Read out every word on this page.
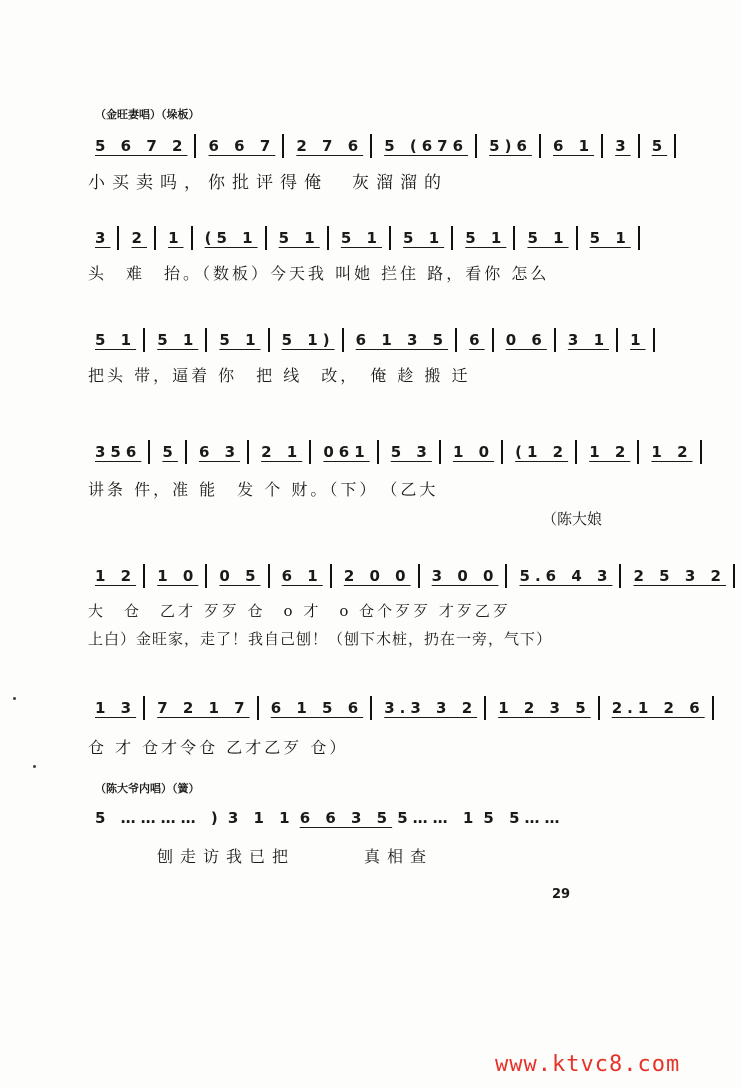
（金旺妻唱）（垛板）
5 6 7 2 6 6 7 2 7 6 5 (676 5)6 6 1 3 5
小买卖吗，你批评得俺　灰溜溜的
3 2 1 (5 1 5 1 5 1 5 1 5 1 5 1 5 1
头　难　抬。（数板）今天我 叫她 拦住 路，看你 怎么
5 1 5 1 5 1 5 1) 6 1 3 5 6 0 6 3 1 1
把头 带，逼着 你　把 线　改，　俺 趁 搬 迁
356 5 6 3 2 1 061 5 3 1 0 (1 2 1 2 1 2
讲条 件，准 能　发 个 财。（下）　（乙大
（陈大娘
1 2 1 0 0 5 6 1 2 0 0 3 0 0 5.6 4 3 2 5 3 2
大　仓　乙才 歹歹 仓　o 才　o 仓个歹歹 才歹乙歹
上白）金旺家，走了！我自己刨！（刨下木桩，扔在一旁，气下）
1 3 7 2 1 7 6 1 5 6 3.3 3 2 1 2 3 5 2.1 2 6
仓 才 仓才令仓 乙才乙歹 仓）
（陈大爷内唱）（簧）
5 ………… ) 3 1 1 6 6 3 5 5…… 1 5 5……
　　　刨走访我已把　　　真相查
29
www.ktvc8.com
